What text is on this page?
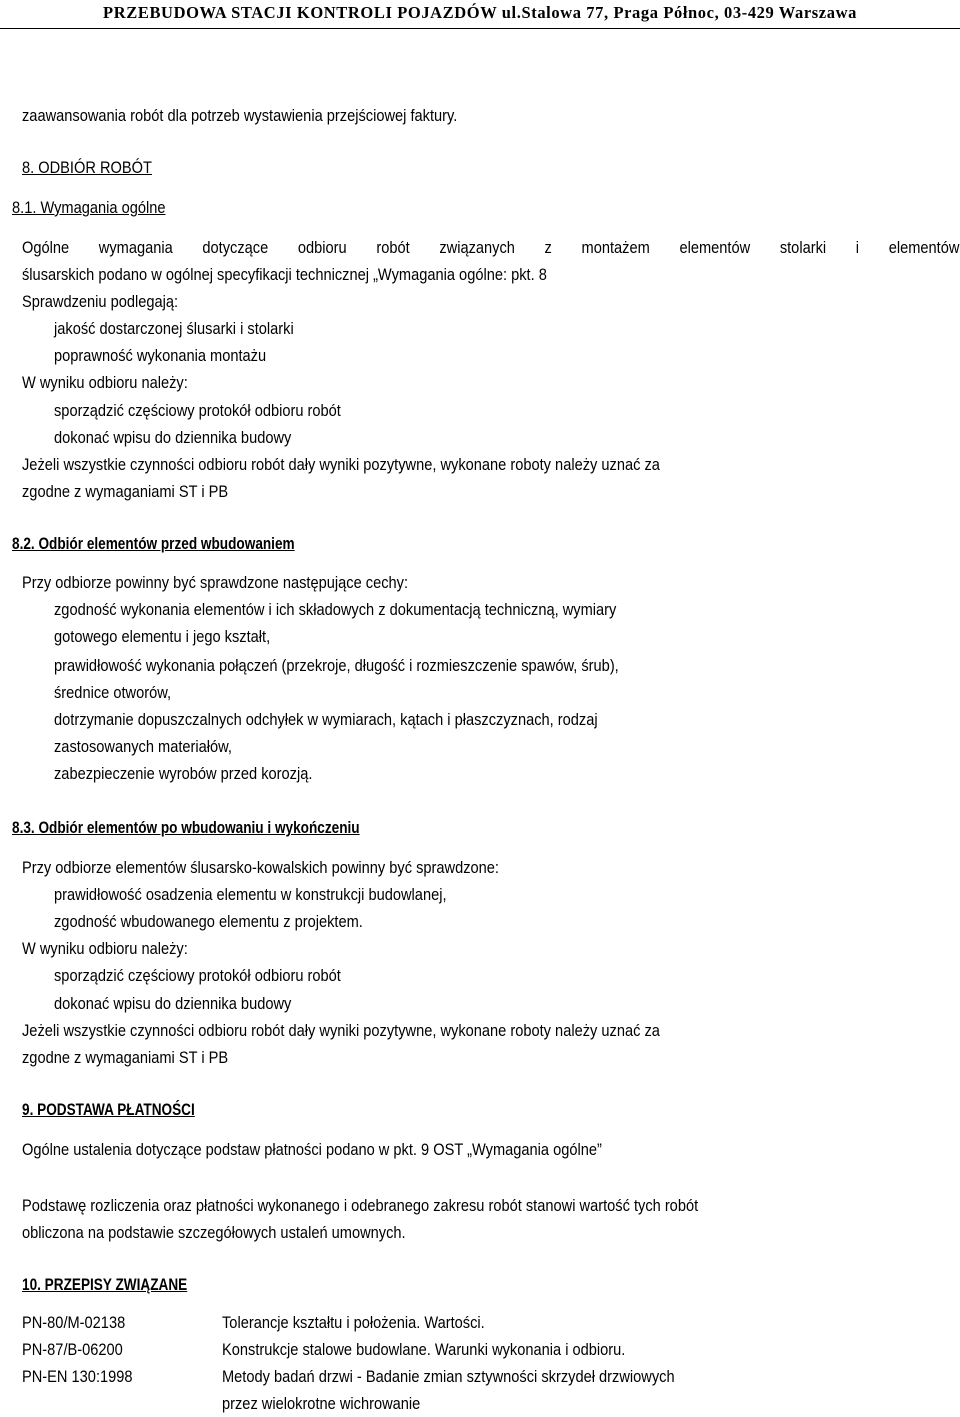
PRZEBUDOWA STACJI KONTROLI POJAZDÓW ul.Stalowa 77, Praga Północ, 03-429 Warszawa
zaawansowania robót dla potrzeb wystawienia przejściowej faktury.
8. ODBIÓR ROBÓT
8.1. Wymagania ogólne
Ogólne wymagania dotyczące odbioru robót związanych z montażem elementów stolarki i elementów
ślusarskich podano w ogólnej specyfikacji technicznej „Wymagania ogólne: pkt. 8
Sprawdzeniu podlegają:
jakość dostarczonej ślusarki i stolarki
poprawność wykonania montażu
W wyniku odbioru należy:
sporządzić częściowy protokół odbioru robót
dokonać wpisu do dziennika budowy
Jeżeli wszystkie czynności odbioru robót dały wyniki pozytywne, wykonane roboty należy uznać za
zgodne z wymaganiami ST i PB
8.2. Odbiór elementów przed wbudowaniem
Przy odbiorze powinny być sprawdzone następujące cechy:
zgodność wykonania elementów i ich składowych z dokumentacją techniczną, wymiary
gotowego elementu i jego kształt,
prawidłowość wykonania połączeń (przekroje, długość i rozmieszczenie spawów, śrub),
średnice otworów,
dotrzymanie dopuszczalnych odchyłek w wymiarach, kątach i płaszczyznach, rodzaj
zastosowanych materiałów,
zabezpieczenie wyrobów przed korozją.
8.3. Odbiór elementów po wbudowaniu i wykończeniu
Przy odbiorze elementów ślusarsko-kowalskich powinny być sprawdzone:
prawidłowość osadzenia elementu w konstrukcji budowlanej,
zgodność wbudowanego elementu z projektem.
W wyniku odbioru należy:
sporządzić częściowy protokół odbioru robót
dokonać wpisu do dziennika budowy
Jeżeli wszystkie czynności odbioru robót dały wyniki pozytywne, wykonane roboty należy uznać za
zgodne z wymaganiami ST i PB
9. PODSTAWA PŁATNOŚCI
Ogólne ustalenia dotyczące podstaw płatności podano w pkt. 9 OST „Wymagania ogólne”
Podstawę rozliczenia oraz płatności wykonanego i odebranego zakresu robót stanowi wartość tych robót
obliczona na podstawie szczegółowych ustaleń umownych.
10. PRZEPISY ZWIĄZANE
PN-80/M-02138	Tolerancje kształtu i położenia. Wartości.
PN-87/B-06200	Konstrukcje stalowe budowlane. Warunki wykonania i odbioru.
PN-EN 130:1998	Metody badań drzwi - Badanie zmian sztywności skrzydeł drzwiowych
przez wielokrotne wichrowanie
